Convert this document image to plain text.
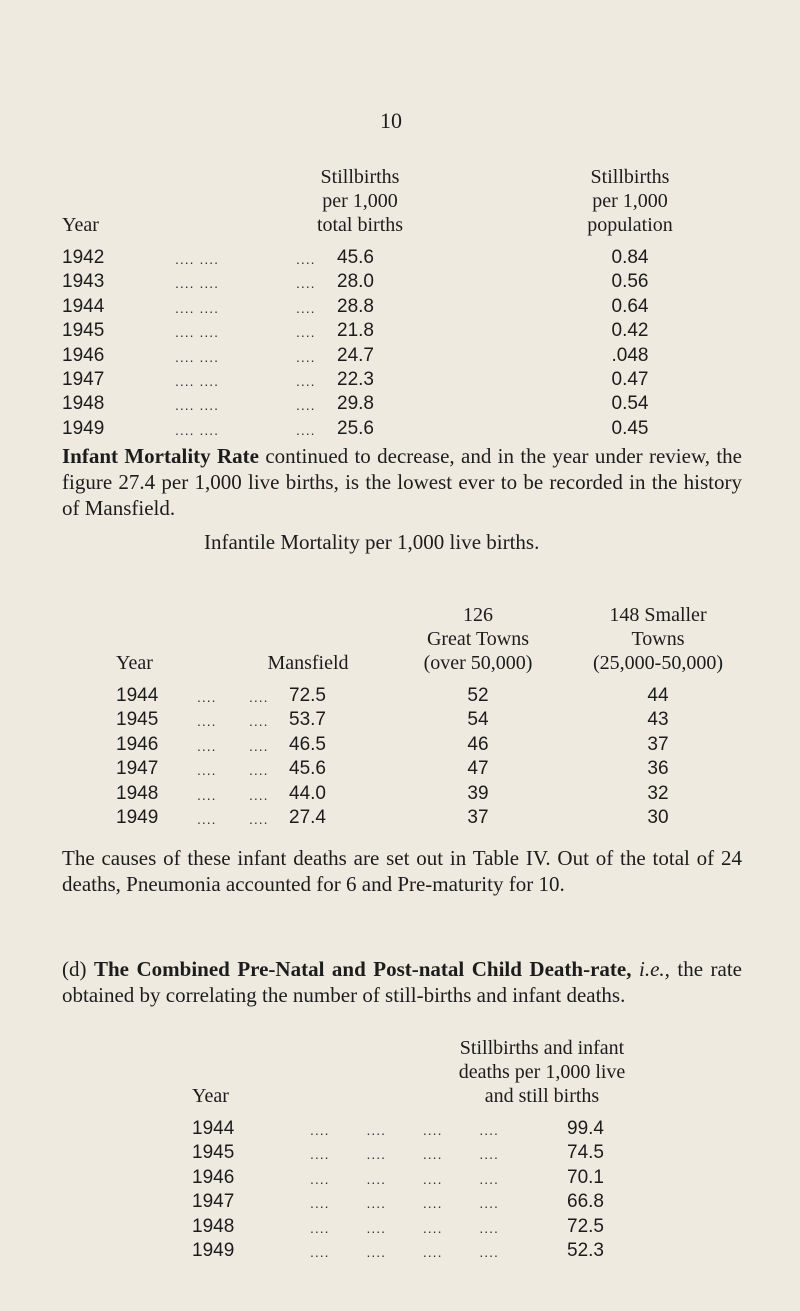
10
Year
Stillbirths
per 1,000
total births
Stillbirths
per 1,000
population
1942	.... ....	.... 45.6	0.84
1943	.... ....	.... 28.0	0.56
1944	.... ....	.... 28.8	0.64
1945	.... ....	.... 21.8	0.42
1946	.... ....	.... 24.7	.048
1947	.... ....	.... 22.3	0.47
1948	.... ....	.... 29.8	0.54
1949	.... ....	.... 25.6	0.45
Infant Mortality Rate continued to decrease, and in the year under review, the figure 27.4 per 1,000 live births, is the lowest ever to be recorded in the history of Mansfield.
Infantile Mortality per 1,000 live births.
Year	Mansfield
126
Great Towns
(over 50,000)
148 Smaller
Towns
(25,000-50,000)
1944	.... .... 72.5	52	44
1945	.... .... 53.7	54	43
1946	.... .... 46.5	46	37
1947	.... .... 45.6	47	36
1948	.... .... 44.0	39	32
1949	.... .... 27.4	37	30
The causes of these infant deaths are set out in Table IV. Out of the total of 24 deaths, Pneumonia accounted for 6 and Pre-maturity for 10.
(d) The Combined Pre-Natal and Post-natal Child Death-rate, i.e., the rate obtained by correlating the number of still-births and infant deaths.
Year
Stillbirths and infant
deaths per 1,000 live
and still births
1944	.... .... .... ....	99.4
1945	.... .... .... ....	74.5
1946	.... .... .... ....	70.1
1947	.... .... .... ....	66.8
1948	.... .... .... ....	72.5
1949	.... .... .... ....	52.3
